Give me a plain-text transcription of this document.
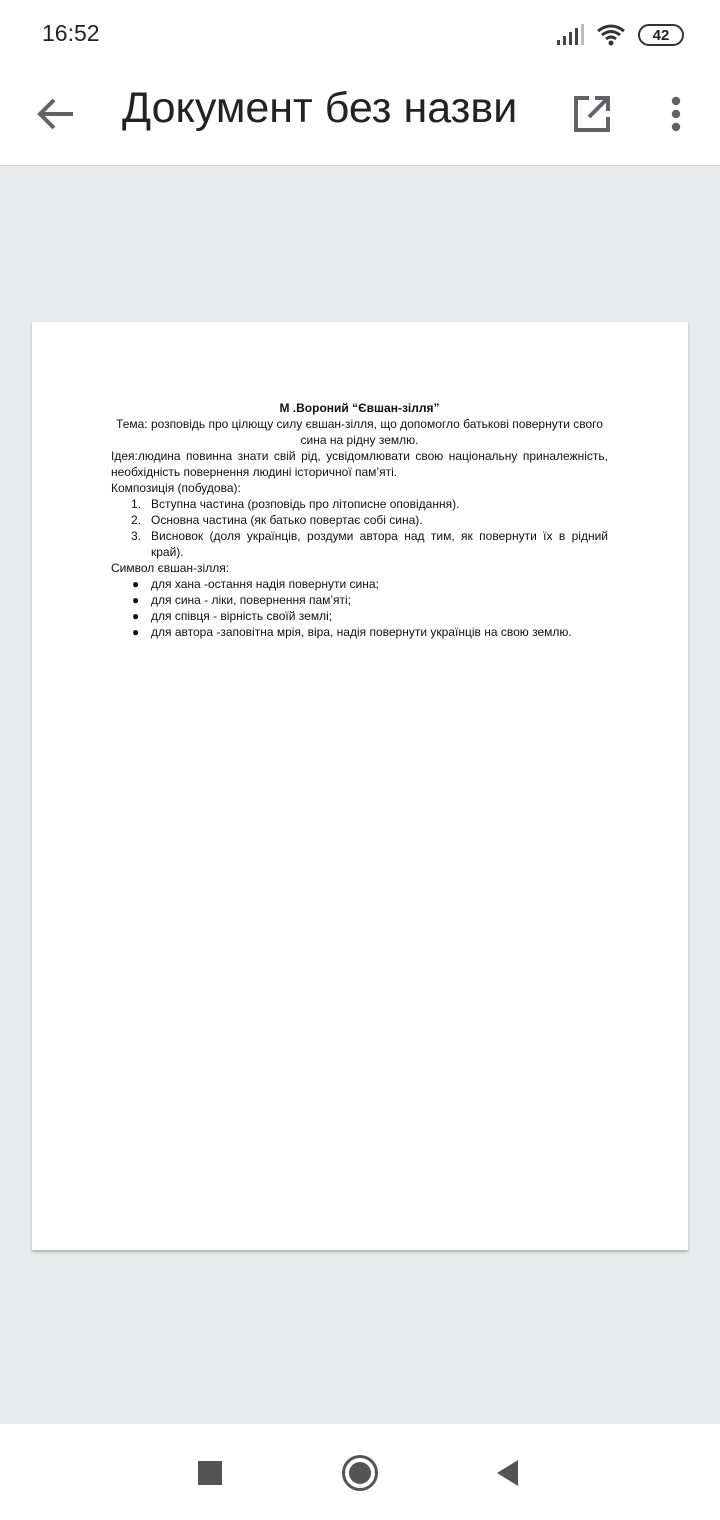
16:52	42
Документ без назви
М .Вороний “Євшан-зілля”
Тема: розповідь про цілющу силу євшан-зілля, що допомогло батькові повернути свого сина на рідну землю.
Ідея:людина повинна знати свій рід, усвідомлювати свою національну приналежність, необхідність повернення людині історичної пам’яті.
Композиція (побудова):
1. Вступна частина (розповідь про літописне оповідання).
2. Основна частина (як батько повертає собі сина).
3. Висновок (доля українців, роздуми автора над тим, як повернути їх в рідний край).
Символ євшан-зілля:
● для хана -остання надія повернути сина;
● для сина - ліки, повернення пам’яті;
● для співця - вірність своїй землі;
● для автора -заповітна мрія, віра, надія повернути українців на свою землю.
